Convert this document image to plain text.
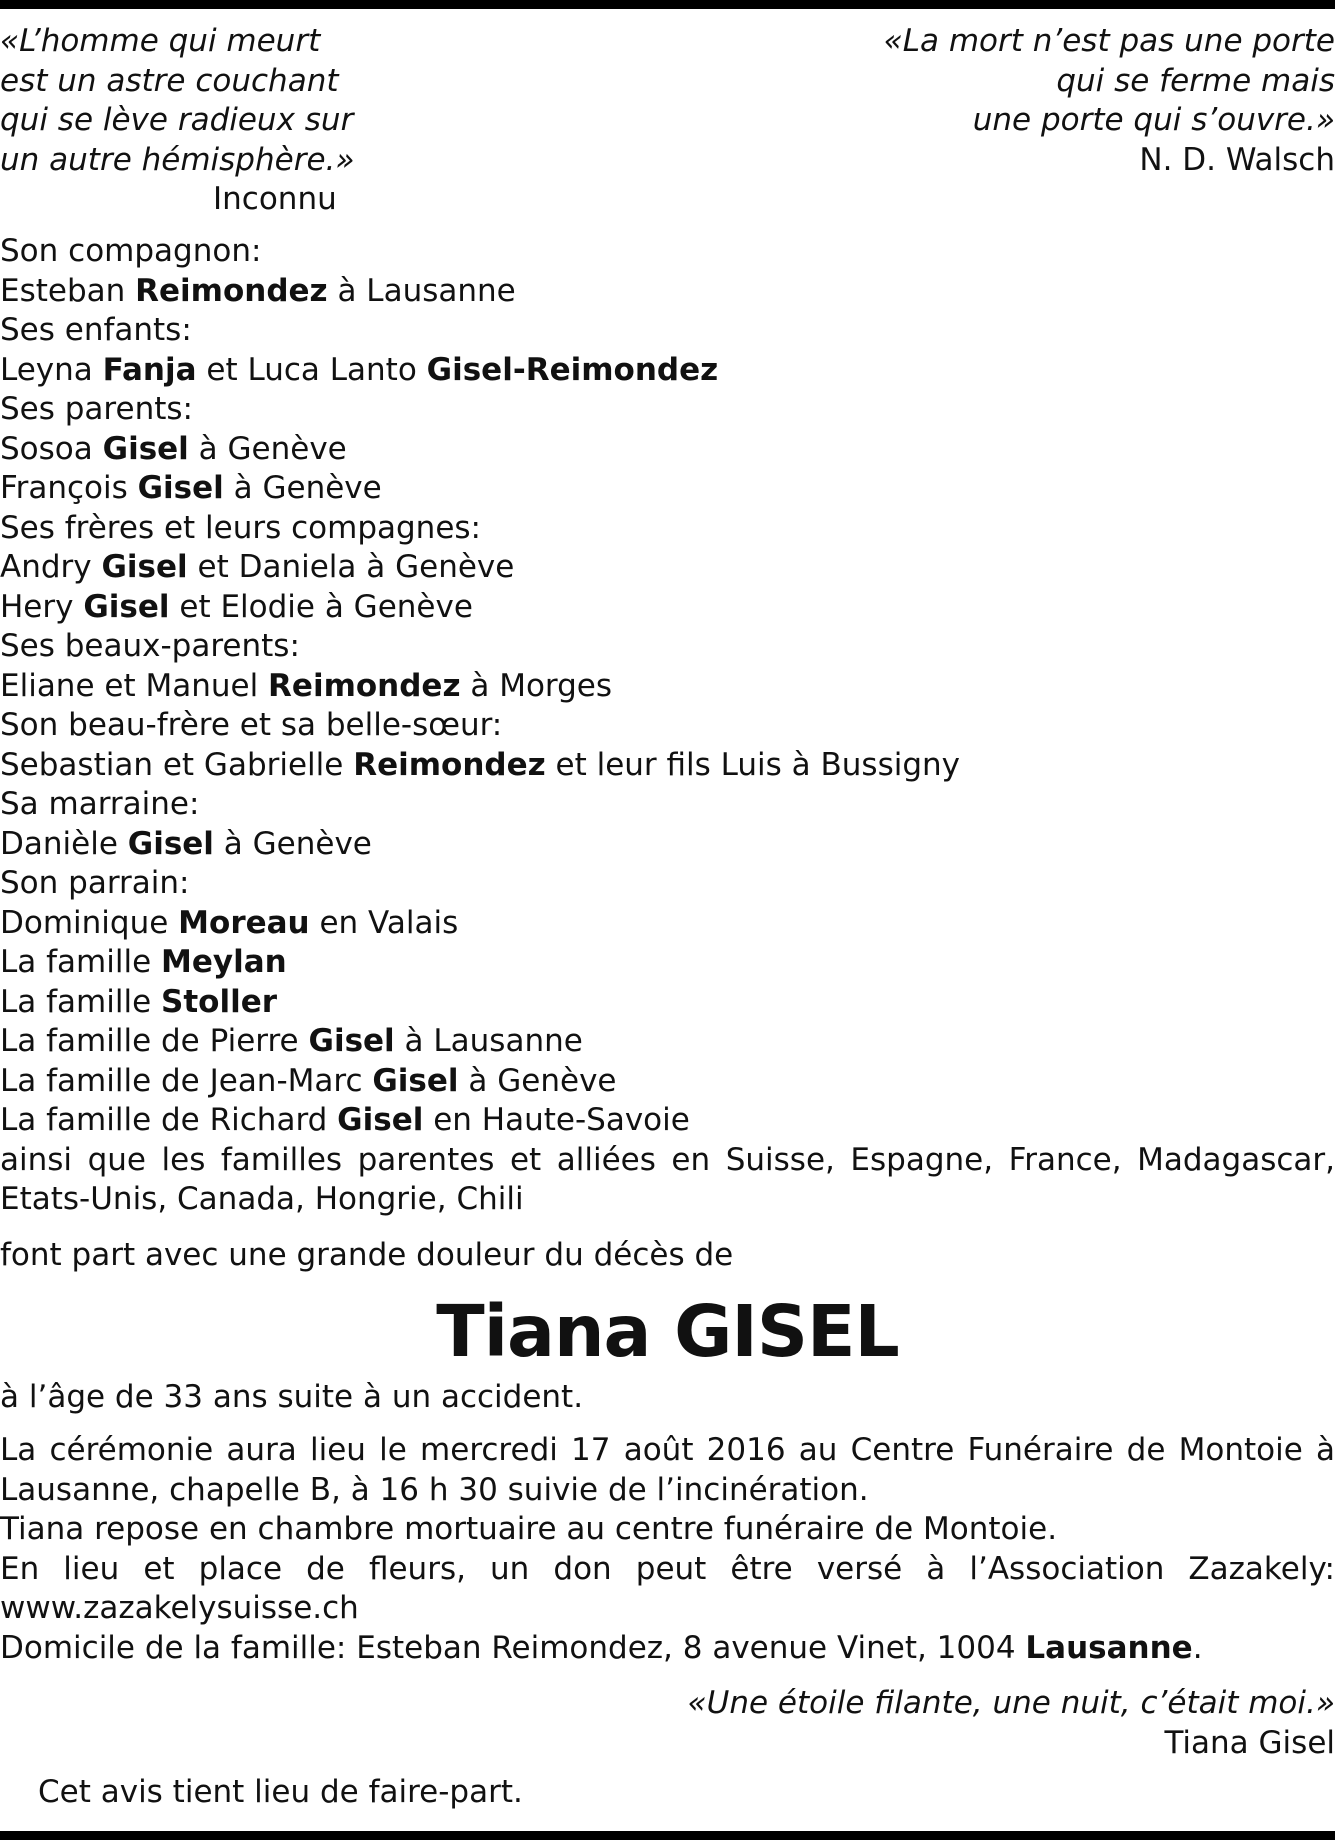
«L’homme qui meurt
est un astre couchant
qui se lève radieux sur
un autre hémisphère.»
Inconnu
«La mort n’est pas une porte
qui se ferme mais
une porte qui s’ouvre.»
N. D. Walsch
Son compagnon:
Esteban Reimondez à Lausanne
Ses enfants:
Leyna Fanja et Luca Lanto Gisel-Reimondez
Ses parents:
Sosoa Gisel à Genève
François Gisel à Genève
Ses frères et leurs compagnes:
Andry Gisel et Daniela à Genève
Hery Gisel et Elodie à Genève
Ses beaux-parents:
Eliane et Manuel Reimondez à Morges
Son beau-frère et sa belle-sœur:
Sebastian et Gabrielle Reimondez et leur fils Luis à Bussigny
Sa marraine:
Danièle Gisel à Genève
Son parrain:
Dominique Moreau en Valais
La famille Meylan
La famille Stoller
La famille de Pierre Gisel à Lausanne
La famille de Jean-Marc Gisel à Genève
La famille de Richard Gisel en Haute-Savoie
ainsi que les familles parentes et alliées en Suisse, Espagne, France, Madagascar, Etats-Unis, Canada, Hongrie, Chili
font part avec une grande douleur du décès de
Tiana GISEL
à l’âge de 33 ans suite à un accident.
La cérémonie aura lieu le mercredi 17 août 2016 au Centre Funéraire de Montoie à Lausanne, chapelle B, à 16 h 30 suivie de l’incinération.
Tiana repose en chambre mortuaire au centre funéraire de Montoie.
En lieu et place de fleurs, un don peut être versé à l’Association Zazakely:
www.zazakelysuisse.ch
Domicile de la famille: Esteban Reimondez, 8 avenue Vinet, 1004 Lausanne.
«Une étoile filante, une nuit, c’était moi.»
Tiana Gisel
Cet avis tient lieu de faire-part.
